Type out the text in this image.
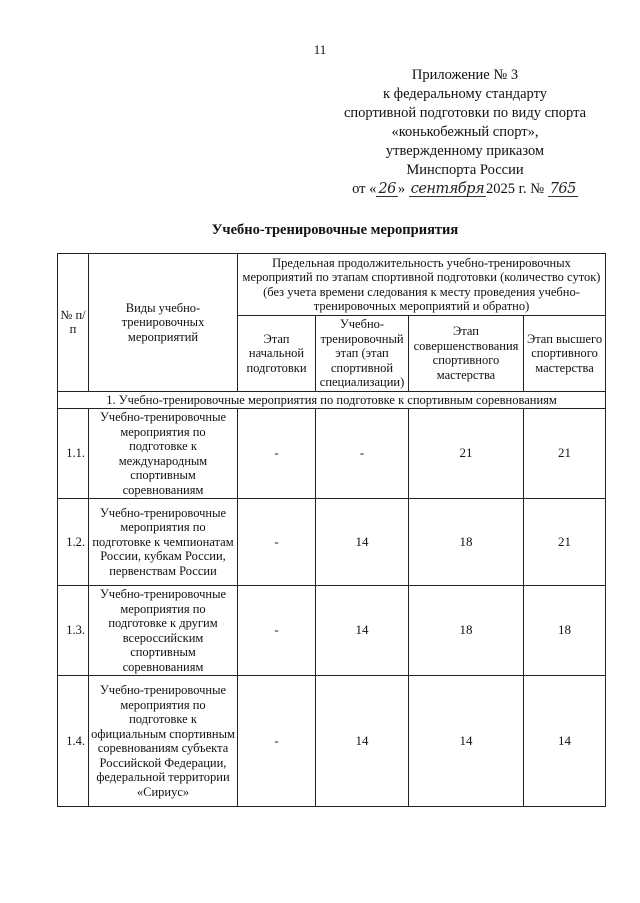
11
Приложение № 3
к федеральному стандарту
спортивной подготовки по виду спорта
«конькобежный спорт»,
утвержденному приказом
Минспорта России
от « 26 » сентября 2025 г. № 765
Учебно-тренировочные мероприятия
№ п/п	Виды учебно-тренировочных мероприятий	Предельная продолжительность учебно-тренировочных мероприятий по этапам спортивной подготовки (количество суток) (без учета времени следования к месту проведения учебно-тренировочных мероприятий и обратно)			
		Этап начальной подготовки	Учебно-тренировочный этап (этап спортивной специализации)	Этап совершенствования спортивного мастерства	Этап высшего спортивного мастерства
1. Учебно-тренировочные мероприятия по подготовке к спортивным соревнованиям					
1.1.	Учебно-тренировочные мероприятия по подготовке к международным спортивным соревнованиям	-	-	21	21
1.2.	Учебно-тренировочные мероприятия по подготовке к чемпионатам России, кубкам России, первенствам России	-	14	18	21
1.3.	Учебно-тренировочные мероприятия по подготовке к другим всероссийским спортивным соревнованиям	-	14	18	18
1.4.	Учебно-тренировочные мероприятия по подготовке к официальным спортивным соревнованиям субъекта Российской Федерации, федеральной территории «Сириус»	-	14	14	14
